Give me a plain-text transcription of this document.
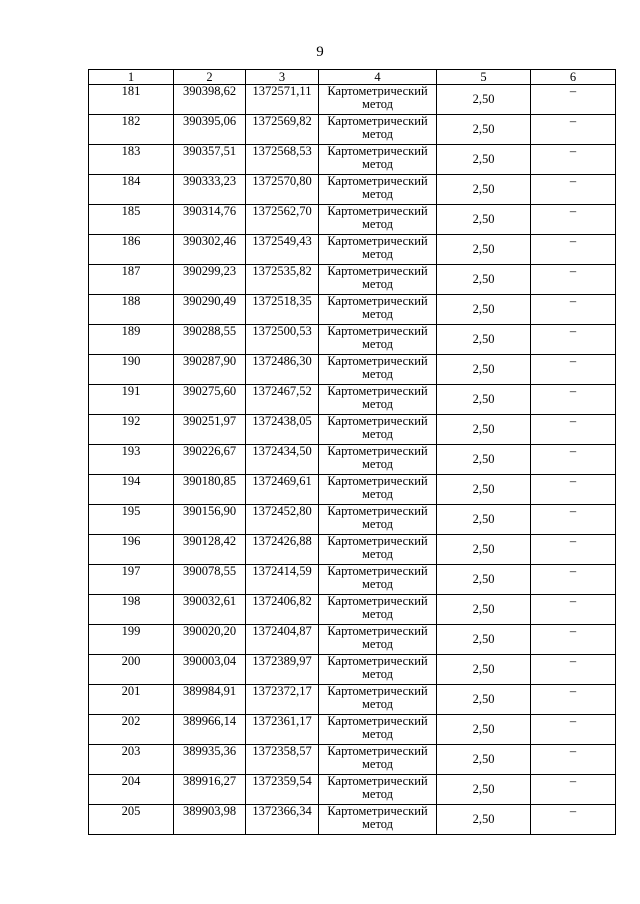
9
1	2	3	4	5	6
181	390398,62	1372571,11	Картометрический метод	2,50	–
182	390395,06	1372569,82	Картометрический метод	2,50	–
183	390357,51	1372568,53	Картометрический метод	2,50	–
184	390333,23	1372570,80	Картометрический метод	2,50	–
185	390314,76	1372562,70	Картометрический метод	2,50	–
186	390302,46	1372549,43	Картометрический метод	2,50	–
187	390299,23	1372535,82	Картометрический метод	2,50	–
188	390290,49	1372518,35	Картометрический метод	2,50	–
189	390288,55	1372500,53	Картометрический метод	2,50	–
190	390287,90	1372486,30	Картометрический метод	2,50	–
191	390275,60	1372467,52	Картометрический метод	2,50	–
192	390251,97	1372438,05	Картометрический метод	2,50	–
193	390226,67	1372434,50	Картометрический метод	2,50	–
194	390180,85	1372469,61	Картометрический метод	2,50	–
195	390156,90	1372452,80	Картометрический метод	2,50	–
196	390128,42	1372426,88	Картометрический метод	2,50	–
197	390078,55	1372414,59	Картометрический метод	2,50	–
198	390032,61	1372406,82	Картометрический метод	2,50	–
199	390020,20	1372404,87	Картометрический метод	2,50	–
200	390003,04	1372389,97	Картометрический метод	2,50	–
201	389984,91	1372372,17	Картометрический метод	2,50	–
202	389966,14	1372361,17	Картометрический метод	2,50	–
203	389935,36	1372358,57	Картометрический метод	2,50	–
204	389916,27	1372359,54	Картометрический метод	2,50	–
205	389903,98	1372366,34	Картометрический метод	2,50	–
